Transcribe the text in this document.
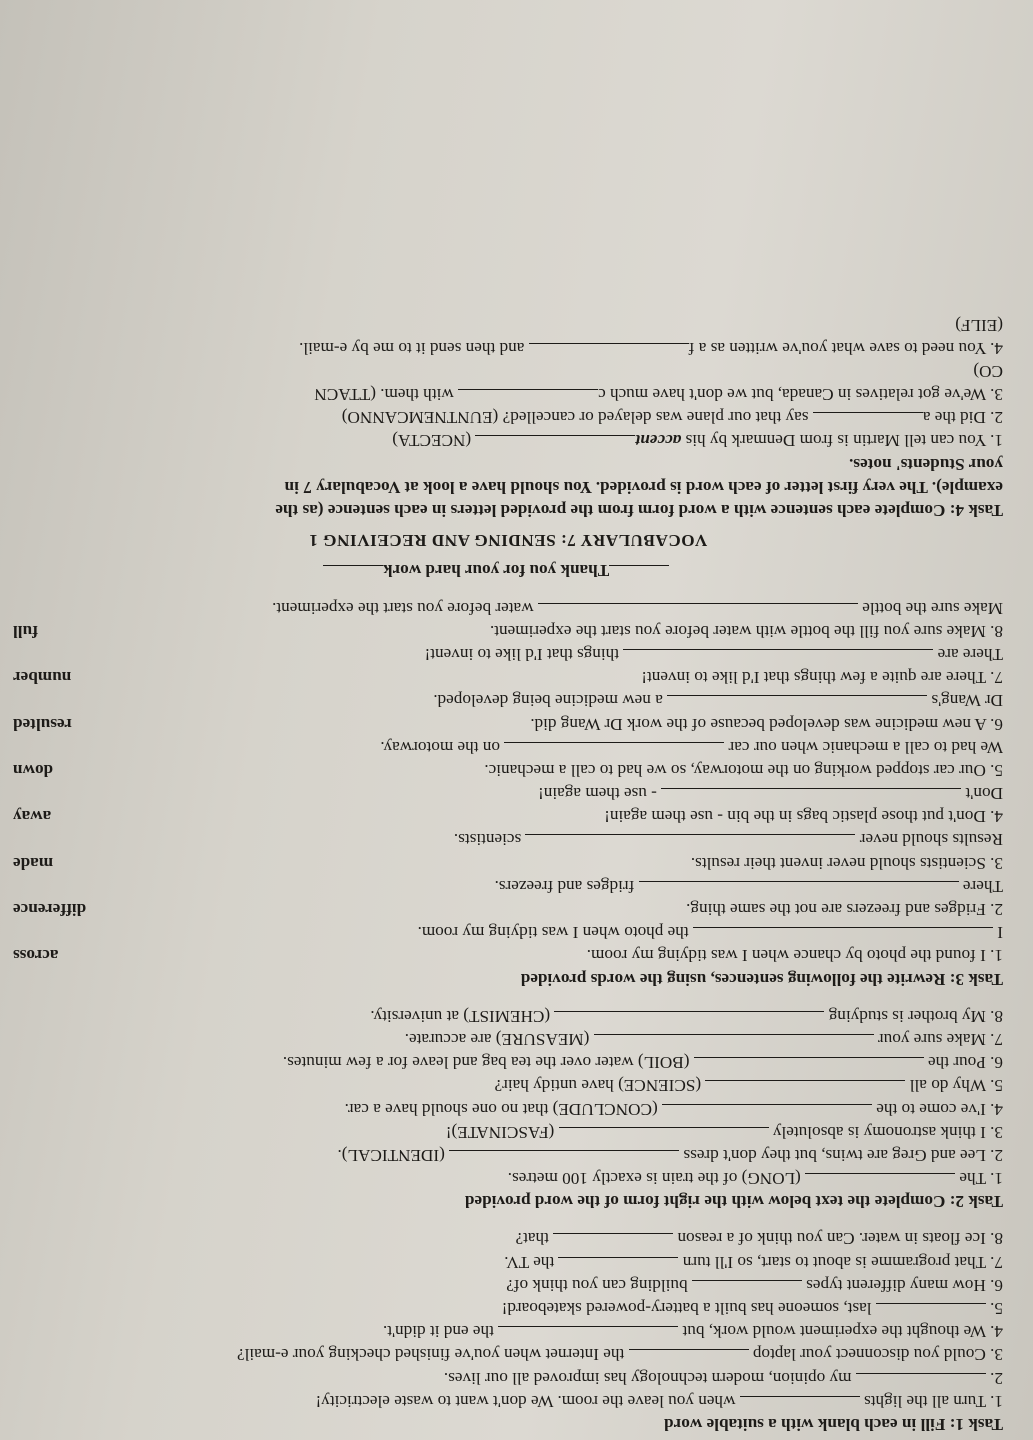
Task 1: Fill in each blank with a suitable word
1. Turn all the lights  when you leave the room. We don't want to waste electricity!
2.  my opinion, modern technology has improved all our lives.
3. Could you disconnect your laptop  the Internet when you've finished checking your e-mail?
4. We thought the experiment would work, but  the end it didn't.
5.  last, someone has built a battery-powered skateboard!
6. How many different types  building can you think of?
7. That programme is about to start, so I'll turn  the TV.
8. Ice floats in water. Can you think of a reason  that?
Task 2: Complete the text below with the right form of the word provided
1. The  (LONG) of the train is exactly 100 metres.
2. Lee and Greg are twins, but they don't dress  (IDENTICAL).
3. I think astronomy is absolutely  (FASCINATE)!
4. I've come to the  (CONCLUDE) that no one should have a car.
5. Why do all  (SCIENCE) have untidy hair?
6. Pour the  (BOIL) water over the tea bag and leave for a few minutes.
7. Make sure your  (MEASURE) are accurate.
8. My brother is studying  (CHEMIST) at university.
Task 3: Rewrite the following sentences, using the words provided
1. I found the photo by chance when I was tidying my room.
across
I  the photo when I was tidying my room.
2. Fridges and freezers are not the same thing.
difference
There  fridges and freezers.
3. Scientists should never invent their results.
made
Results should never  scientists.
4. Don't put those plastic bags in the bin - use them again!
away
Don't  - use them again!
5. Our car stopped working on the motorway, so we had to call a mechanic.
down
We had to call a mechanic when our car  on the motorway.
6. A new medicine was developed because of the work Dr Wang did.
resulted
Dr Wang's  a new medicine being developed.
7. There are quite a few things that I'd like to invent!
number
There are  things that I'd like to invent!
8. Make sure you fill the bottle with water before you start the experiment.
full
Make sure the bottle  water before you start the experiment.
Thank you for your hard work
VOCABULARY 7: SENDING AND RECEIVING 1
Task 4: Complete each sentence with a word form from the provided letters in each sentence (as the
example). The very first letter of each word is provided. You should have a look at Vocabulary 7 in
your Students' notes.
1. You can tell Martin is from Denmark by his accent (NCECTA)
2. Did the a say that our plane was delayed or cancelled? (EUNTNEMCANNO)
3. We've got relatives in Canada, but we don't have much c with them. (TTACN
CO)
4. You need to save what you've written as a f and then send it to me by e-mail.
(EILF)
